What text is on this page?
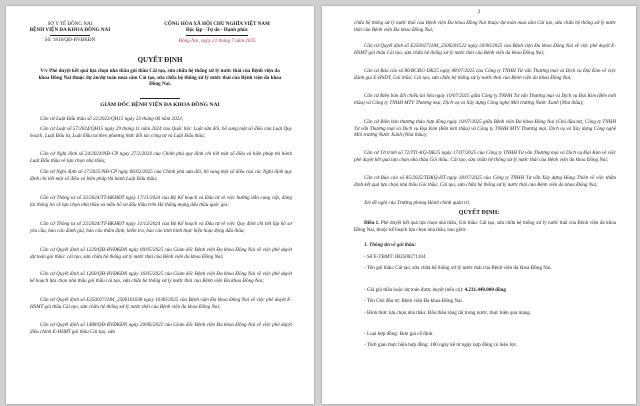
SỞ Y TẾ ĐỒNG NAI

BỆNH VIỆN ĐA KHOA ĐỒNG NAI

Số: 1818/QĐ-BVĐKĐN

CỘNG HÒA XÃ HỘI CHỦ NGHĨA VIỆT NAM

Độc lập - Tự do - Hạnh phúc

Đồng Nai, ngày 21 tháng 7 năm 2025

QUYẾT ĐỊNH

V/v Phê duyệt kết quả lựa chọn nhà thầu gói thầu Cải tạo, sửa chữa hệ thống xử lý nước thải của Bệnh viện đa khoa Đồng Nai thuộc dự án/dự toán mua sắm Cải tạo, sửa chữa hệ thống xử lý nước thải của Bệnh viện đa khoa Đồng Nai.

GIÁM ĐỐC BỆNH VIỆN ĐA KHOA ĐỒNG NAI

Căn cứ Luật Đấu thầu số 22/2023/QH15 ngày 23 tháng 06 năm 2023;

Căn cứ Luật số 57/2024/QH15 ngày 29 tháng 11 năm 2024 của Quốc hội: Luật sửa đổi, bổ sung một số điều của Luật Quy hoạch, Luật Đầu tư, Luật Đầu tư theo phương thức đối tác công tư và Luật Đấu thầu;

Căn cứ Nghị định số 24/2024/NĐ-CP ngày 27/2/2024 của Chính phủ quy định chi tiết một số điều và biện pháp thi hành Luật Đấu thầu về lựa chọn nhà thầu;

Căn cứ Nghị định số 17/2025/NĐ-CP ngày 06/02/2025 của Chính phủ sửa đổi, bổ sung một số điều của các Nghị định quy định chi tiết một số điều và biện pháp thi hành Luật Đấu thầu;

Căn cứ Thông tư số 22/2024/TT-BKHĐT ngày 17/11/2024 của Bộ Kế hoạch và Đầu tư về việc hướng dẫn cung cấp, đăng tải thông tin về lựa chọn nhà thầu và mẫu hồ sơ đấu thầu trên Hệ thống mạng đấu thầu quốc gia;

Căn cứ Thông tư số 23/2024/TT-BKHĐT ngày 31/12/2024 của Bộ Kế hoạch và Đầu tư về việc Quy định chi tiết lập hồ sơ yêu cầu, báo cáo đánh giá, báo cáo thẩm định, kiểm tra, báo cáo tình hình thực hiện hoạt động đấu thầu;

Căn cứ Quyết định số 1229/QĐ-BVĐKĐN ngày 09/05/2025 của Giám đốc Bệnh viện Đa khoa Đồng Nai về việc phê duyệt dự toán gói thầu: cải tạo, sửa chữa hệ thống xử lý nước thải của Bệnh viện đa khoa Đồng Nai;

Căn cứ Quyết định số 1260/QĐ-BVĐKĐN ngày 16/05/2025 của Giám đốc Bệnh viện Đa khoa Đồng Nai về việc phê duyệt kế hoạch lựa chọn nhà thầu gói thầu cải tạo, sửa chữa hệ thống xử lý nước thải của Bệnh viện Đa khoa Đồng Nai;

Căn cứ Quyết định số E2500271184_2506161038 ngày 16/06/2025 của Bệnh viện Đa khoa Đồng Nai về việc phê duyệt E-HSMT gói thầu Cải tạo, sửa chữa hệ thống xử lý nước thải của Bệnh viện đa khoa Đồng Nai;

Căn cứ Quyết định số 1488/QĐ-BVĐKĐN ngày 20/06/2025 của Giám đốc Bệnh viện Đa khoa Đồng Nai về việc phê duyệt điều chỉnh E-HSMT gói thầu Cải tạo, sửa

2

chữa hệ thống xử lý nước thải của Bệnh viện Đa khoa Đồng Nai thuộc dự toán mua sắm Cải tạo, sửa chữa hệ thống xử lý nước thải của Bệnh viện Đa khoa Đồng Nai;

Căn cứ Quyết định số E2500271184_2506201522 ngày 20/06/2025 của Bệnh viện Đa khoa Đồng Nai về việc phê duyệt E-HSMT gói thầu Cải tạo, sửa chữa hệ thống xử lý nước thải của Bệnh viện đa khoa Đồng Nai;

Căn cứ Báo cáo số 86/BCĐG-DK25 ngày 08/07/2025 của Công ty TNHH Tư vấn Thương mại và Dịch vụ Đại Kim về việc đánh giá E-HSDT, Gói thầu: Cải tạo, sửa chữa hệ thống xử lý nước thải của Bệnh viện đa khoa Đồng Nai;

Căn cứ Biên bản đối chiếu tài liệu ngày 10/07/2025 giữa Công ty TNHH Tư vấn Thương mại và Dịch vụ Đại Kim (Bên mời thầu) và Công ty TNHH MTV Thương mại, Dịch vụ và Xây dựng Công nghệ Môi trường Nước Xanh (Nhà thầu);

Căn cứ Biên bản thương thảo hợp đồng ngày 10/07/2025 giữa Bệnh viện Đa khoa Đồng Nai (Chủ đầu tư), Công ty TNHH Tư vấn Thương mại và Dịch vụ Đại Kim (Bên mời thầu) và Công ty TNHH MTV Thương mại, Dịch vụ và Xây dựng Công nghệ Môi trường Nước Xanh (Nhà thầu);

Căn cứ Tờ trình số 72/TTr-KQ-DK25 ngày 17/07/2025 của Công ty TNHH Tư vấn Thương mại và Dịch vụ Đại Kim về việc phê duyệt kết quả lựa chọn nhà thầu Gói thầu: Cải tạo, sửa chữa hệ thống xử lý nước thải của Bệnh viện đa khoa Đồng Nai;

Căn cứ Báo cáo số 85/2025/TĐKQ-HT ngày 18/07/2025 của Công ty TNHH Tư vấn Xây dựng Hùng Thiên về việc thẩm định kết quả lựa chọn nhà thầu Gói thầu: Cải tạo, sửa chữa hệ thống xử lý nước thải của Bệnh viện đa khoa Đồng Nai;

Xét đề nghị của Trưởng phòng Hành chính quản trị.

QUYẾT ĐỊNH:

Điều 1. Phê duyệt kết quả lựa chọn nhà thầu, Gói thầu: Cải tạo, sửa chữa hệ thống xử lý nước thải của Bệnh viện đa khoa Đồng Nai, thuộc kế hoạch lựa chọn nhà thầu, bao gồm:

1. Thông tin về gói thầu:

- Số E-TBMT: IB2500271184

- Tên gói thầu: Cải tạo, sửa chữa hệ thống xử lý nước thải của Bệnh viện đa khoa Đồng Nai.

- Giá gói thầu hoặc dự toán được duyệt (nếu có): 4.231.440.000 đồng

- Tên Chủ đầu tư: Bệnh viện Đa khoa Đồng Nai.

- Hình thức lựa chọn nhà thầu: Đấu thầu rộng rãi trong nước, thực hiện qua mạng.

- Loại hợp đồng: Đơn giá cố định.

- Thời gian thực hiện hợp đồng: 180 ngày kể từ ngày hợp đồng có hiệu lực.
